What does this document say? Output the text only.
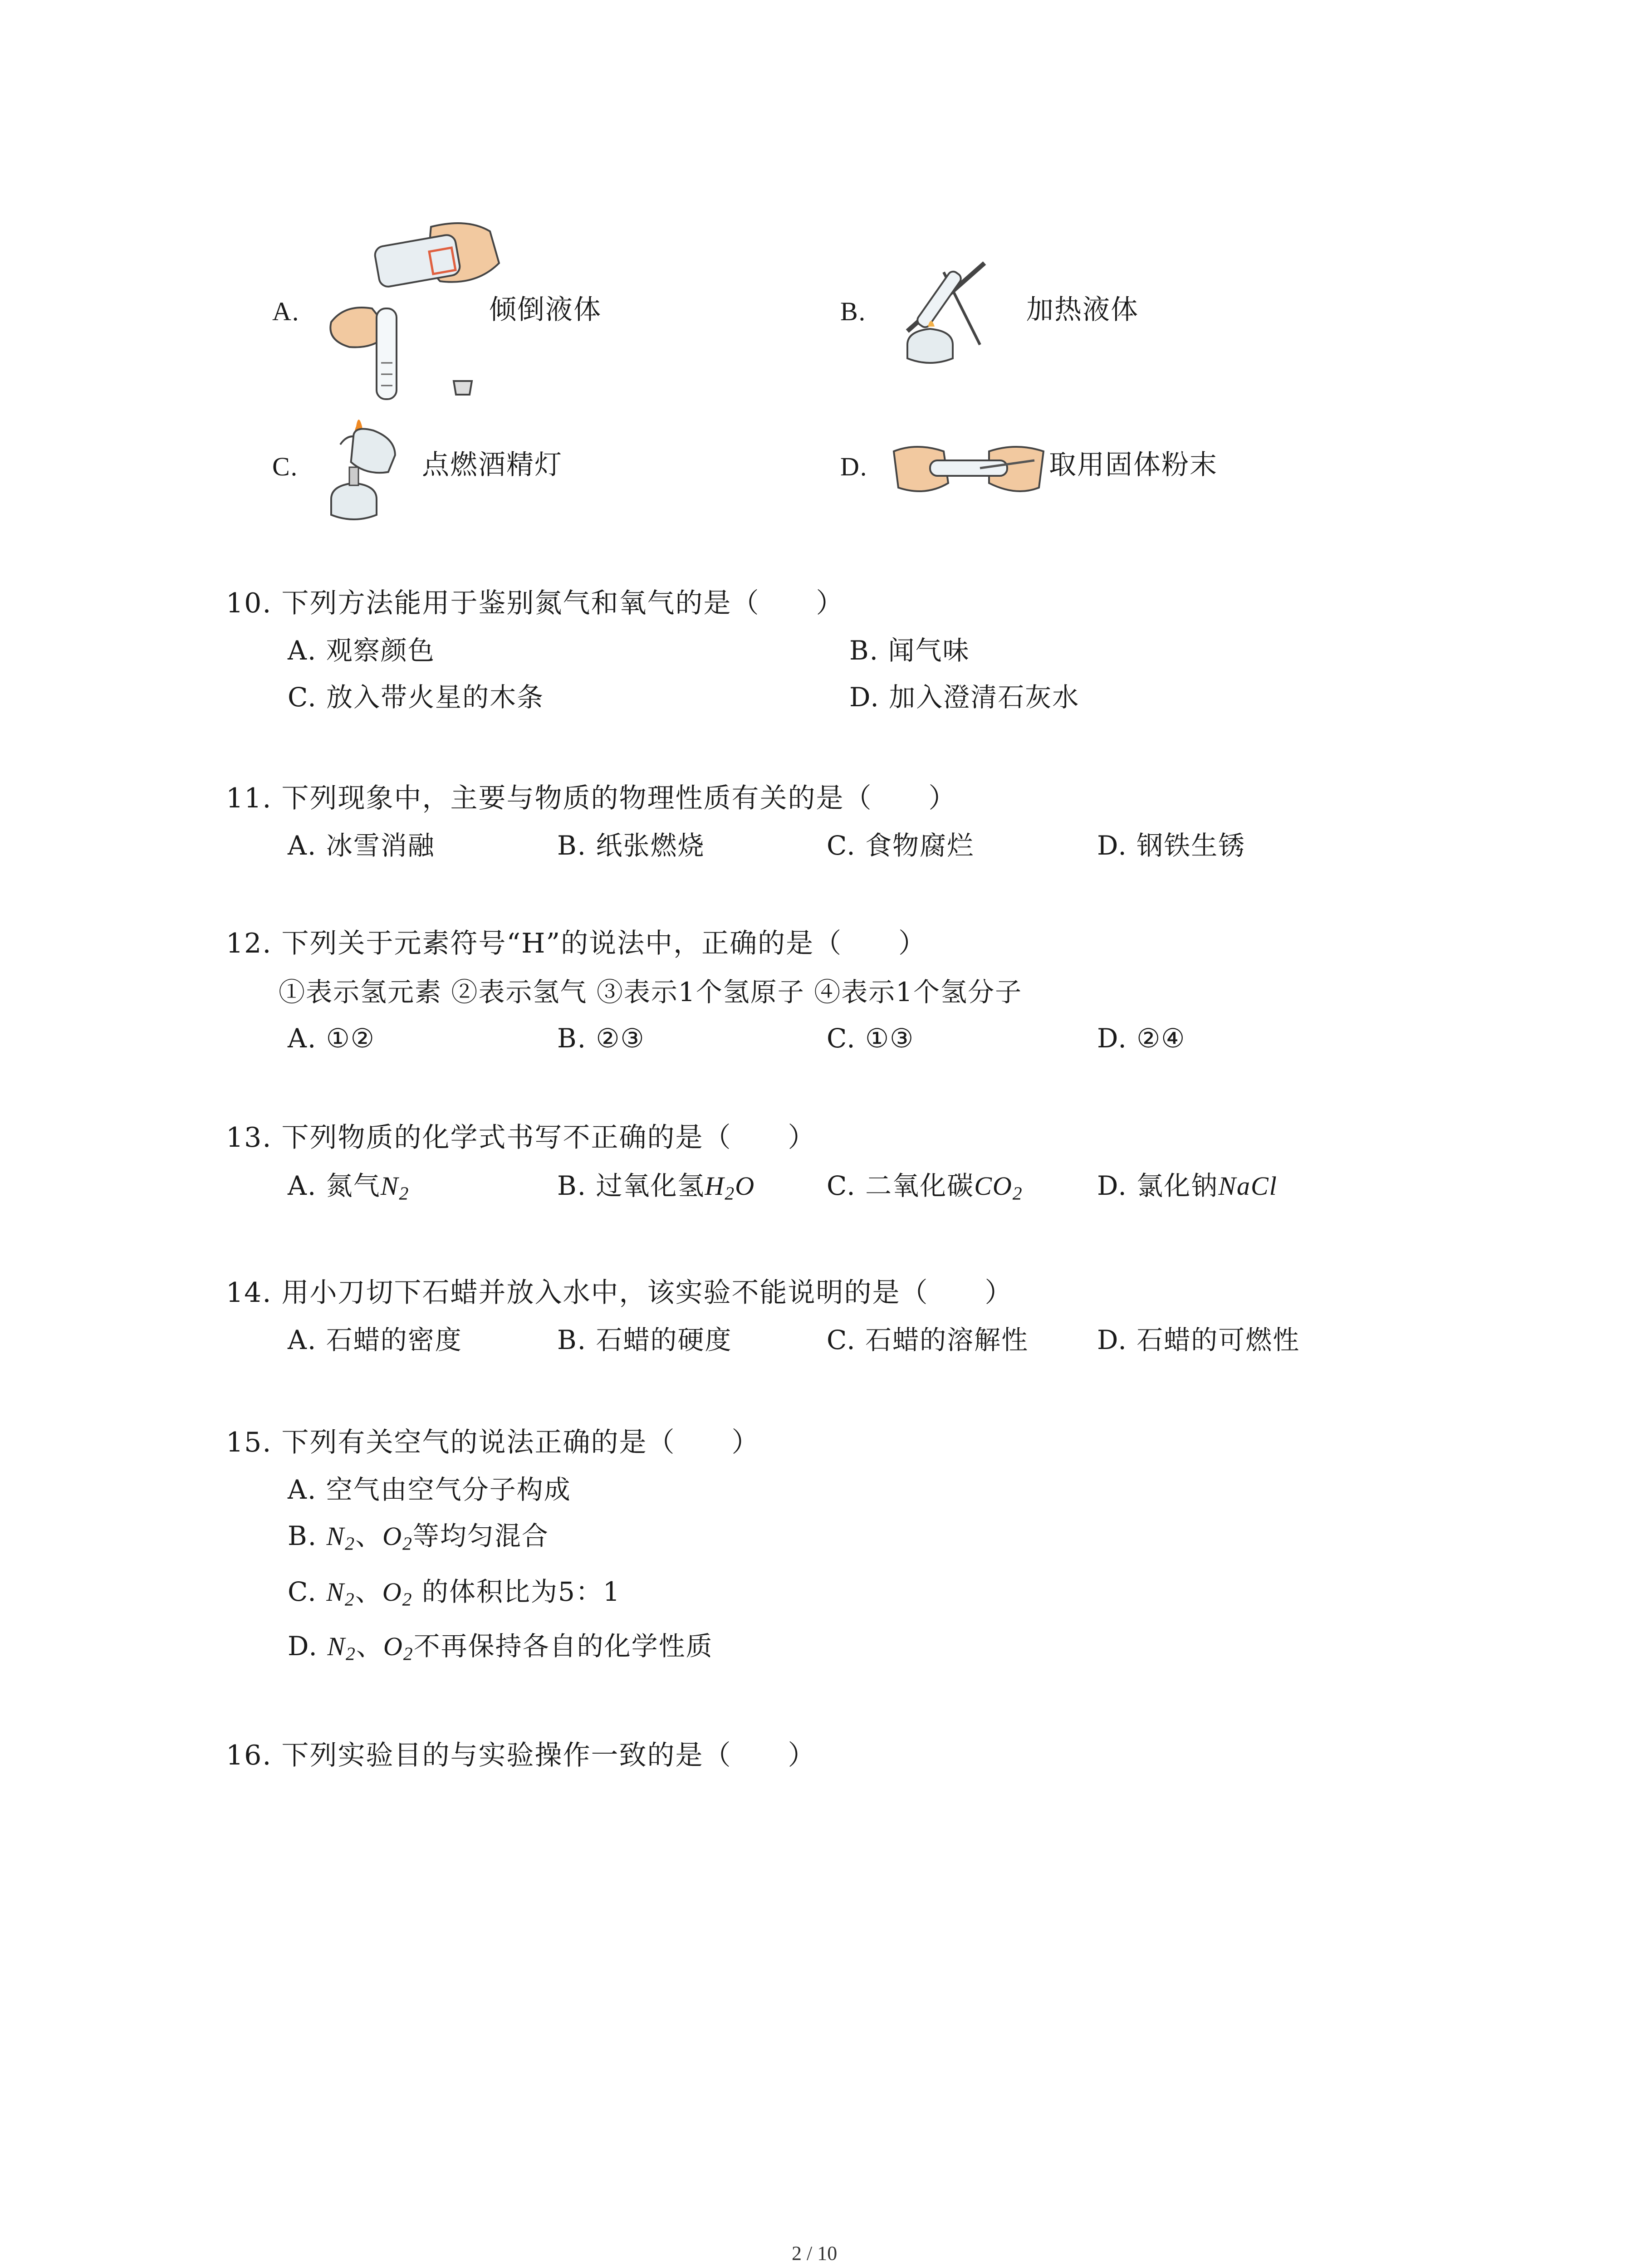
A.	倾倒液体	B.	加热液体
C.	点燃酒精灯	D.	取用固体粉末
10. 下列方法能用于鉴别氮气和氧气的是（　　）
A. 观察颜色	B. 闻气味
C. 放入带火星的木条	D. 加入澄清石灰水
11. 下列现象中，主要与物质的物理性质有关的是（　　）
A. 冰雪消融	B. 纸张燃烧	C. 食物腐烂	D. 钢铁生锈
12. 下列关于元素符号“H”的说法中，正确的是（　　）
①表示氢元素 ②表示氢气 ③表示1个氢原子 ④表示1个氢分子
A. ①②	B. ②③	C. ①③	D. ②④
13. 下列物质的化学式书写不正确的是（　　）
A. 氮气$N_2$	B. 过氧化氢$H_2O$	C. 二氧化碳$CO_2$	D. 氯化钠NaCl
14. 用小刀切下石蜡并放入水中，该实验不能说明的是（　　）
A. 石蜡的密度	B. 石蜡的硬度	C. 石蜡的溶解性	D. 石蜡的可燃性
15. 下列有关空气的说法正确的是（　　）
A. 空气由空气分子构成
B. $N_2$、$O_2$等均匀混合
C. $N_2$、$O_2$ 的体积比为5：1
D. $N_2$、$O_2$不再保持各自的化学性质
16. 下列实验目的与实验操作一致的是（　　）
2 / 10
